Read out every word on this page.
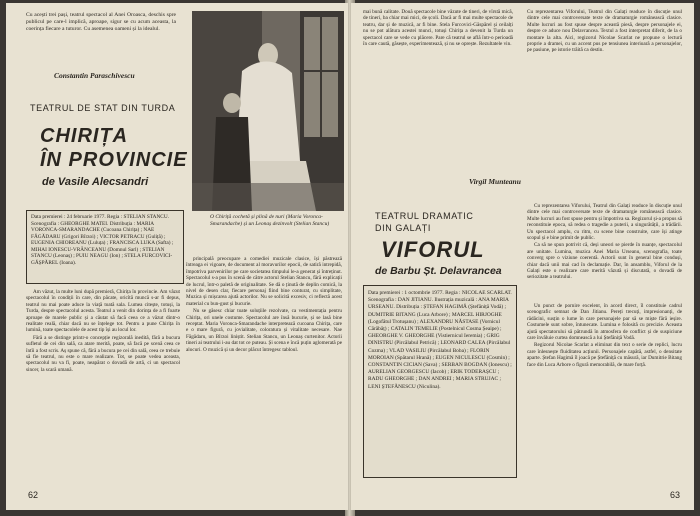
Cu acești trei pași, teatrul spectacol al Anei Oroasca, deschis spre publicul pe care-l implică, aproape, sigur se cu acum aceasta, la coerința fiecare a tuturor. Cu asemenea oameni și la idealul.
Constantin Paraschivescu
TEATRUL DE STAT DIN TURDA
CHIRIȚA
ÎN PROVINCIE
de Vasile Alecsandri
O Chiriță cochetă și plină de nuri (Maria Voronca-Smarandache) și un Leonaș dezinvolt (Stelian Stancu)
Data premierei : 24 februarie 1977. Regia : STELIAN STANCU. Scenografia : GHEORGHE MATEI. Distribuția : MARIA VORONCA-SMARANDACHE (Cucoana Chirița) ; NAE FĂGĂDARU (Grigori Bîrzoi) ; VICTOR PETRACU (Guliță) ; EUGENIA CHIOREANU (Luluța) ; FRANCISCA LUKA (Safta) ; MIHAI IONESCU-VRÂNCEANU (Domnul Sarl) ; STELIAN STANCU (Leonaș) ; PUIU NEAGU (Ion) ; STELA FURCOVICI-GĂȘPĂREL (Ioana).

Am văzut, la multe luni după premieră, Chirița în provincie. Am văzut spectacolul în condiții în care, din păcate, oricîtă muncă s-ar fi depus, teatrul nu mai poate aduce la viață toată sala. Lumea citește, totuși, la Turda, despre spectacolul acesta. Teatrul a venit din dorința de a fi foarte aproape de marele public și a căutat să facă ceea ce a văzut dintr-o realitate reală, chiar dacă nu se înțelege tot. Pentru a pune Chirița în lumină, toate spectacolele de acest tip își au locul lor.

Fără a se distinge printr-o concepție regizorală inedită, fără a bucura sufletul de cei din sală, ca atare merită, poate, să facă pe scenă ceea ce întîi a fost scris. Aș spune că, fără a bucura pe cei din sală, ceea ce trebuie să fie teatrul, nu este o mare realizare. Tot, se poate vedea aceasta, spectacolul nu va fi, poate, neapărat o dovadă de artă, ci un spectacol sincer, la scară umană.

principală preocupare a comediei muzicale clasice, își păstrează întreaga ei vigoare, de document al moravurilor epocii, de satiră intrepidă, împotriva parvenirilor pe care societatea timpului le-a generat și întreținut. Spectacolul s-a pus în scenă de către actorul Stelian Stancu, fără explicații de lucrul, într-o paletă de originalitate. Se dă o ținută de deplin comică, la nivel de desen clar, fiecare personaj fiind bine conturat, cu simplitate, Muzica și mișcarea ajută actorilor. Nu se solicită excesiv, ci reflectă acest material cu bun-gust și bucurie.

Nu se găsesc chiar toate soluțiile rezolvate, ca vestimentația pentru Chirița, ori unele costume. Spectacolul are însă bucurie, și se lasă bine receptat. Maria Voronca-Smarandache interpretează cucoana Chirița, care e o mare figură, cu jovialitate, coloratura și vitalitate necesare. Nae Făgădaru, un Bîrzoi liniștit. Stelian Stancu, un Leonaș curtenitor. Actorii tineri ai teatrului i-au dat tot ce puteau. Și scena e încă puțin aglomerată pe alocuri. O muzică și un decor plăcut întregesc tabloul.

62
mai bună calitate. Două spectacole bine văzute de tineri, de vîrstă mică, de tineri, ba chiar mai mici, de școli. Dacă ar fi mai multe spectacole de teatru, dar și de muzică, ar fi bine. Stela Furcovici-Găspărel și ceilalți nu se pot alătura acestei munci, totuși Chirița a devenit la Turda un spectacol care se vede cu plăcere. Pare că teatrul se află într-o perioadă în care caută, găsește, experimentează, și nu se oprește. Rezultatele vin.
Cu reprezentarea Viforului, Teatrul din Galați readuce în discuție unul dintre cele mai controversate texte de dramaturgie românească clasice. Multe lucruri au fost spuse despre această piesă, despre personajele ei, despre ce aduce nou Delavrancea. Textul a fost interpretat diferit, de la o montare la alta. Aici, regizorul Nicolae Scarlat ne propune o lectură proprie a dramei, cu un accent pus pe tensiunea interioară a personajelor, pe pasiune, pe istorie trăită ca destin.
Virgil Munteanu
TEATRUL DRAMATIC
DIN GALAȚI
VIFORUL
de Barbu Șt. Delavrancea
Data premierei : 1 octombrie 1977. Regia : NICOLAE SCARLAT. Scenografia : DAN JITIANU. Ilustrația muzicală : ANA MARIA URSEANU. Distribuția : ȘTEFAN HAGIMĂ (Ștefăniță Vodă) ; DUMITRIE BITANG (Luca Arbore) ; MARCEL HIRJOGHE (Logofătul Trotușanu) ; ALEXANDRU NĂSTASE (Vornicul Cărăbăț) ; CATALIN TEMELIE (Postelnicul Cosma Șeaipe) ; GHEORGHE V. GHEORGHE (Vistiernicul Ieremia) ; GRIG DINISTRU (Pircălabul Petrică) ; LEONARD CALEA (Pircălabul Cozma) ; VLAD VASILIU (Pircălabul Boba) ; FLORIN MOROIAN (Spătarul Hrană) ; EUGEN NICULESCU (Cosmin) ; CONSTANTIN CICIAN (Sava) ; SERBAN BOGDAN (Ionescu) ; AURELIAN GEORGESCU (Iacob) ; ERIK TODERAȘCU ; RADU GHEORGHE ; DAN ANDREI ; MARIA STRUJAC ; LENI ȘTEFĂNESCU (Niculina).

Cu reprezentarea Viforului, Teatrul din Galați readuce în discuție unul dintre cele mai controversate texte de dramaturgie românească clasice. Multe lucruri au fost spuse pentru și împotriva sa. Regizorul și-a propus să reconstituie epoca, să redea o tragedie a puterii, a singurătății, a trădării. Un spectacol amplu, cu ritm, cu scene bine construite, care își atinge scopul și e bine primit de public.

Ca să ne spun potrivit că, deși uneori se pierde în nuanțe, spectacolul are unitate. Lumina, muzica Anei Maria Urseanu, scenografia, toate converg spre o viziune coerentă. Actorii sunt în general bine conduși, chiar dacă unii mai cad în declamație. Dar, în ansamblu, Viforul de la Galați este o realizare care merită văzută și discutată, o dovadă de seriozitate a teatrului.

Un punct de pornire excelent, în acord direct, îl constituie cadrul scenografic semnat de Dan Jitianu. Pereți trecuți, impresionanți, de rădăcini, susțin o lume în care personajele par să se miște fără ieșire. Costumele sunt sobre, întunecate. Lumina e folosită cu precizie. Aceasta ajută spectatorului să pătrundă în atmosfera de conflict și de suspiciune care învăluie curtea domnească a lui Ștefăniță Vodă.

Regizorul Nicolae Scarlat a eliminat din text o serie de replici, lucru care înlesnește fluiditatea acțiunii. Personajele capătă, astfel, o densitate aparte. Ștefan Hagimă îl joacă pe Ștefăniță cu măsură, iar Dumitrie Bitang face din Luca Arbore o figură memorabilă, de mare forță.

63
